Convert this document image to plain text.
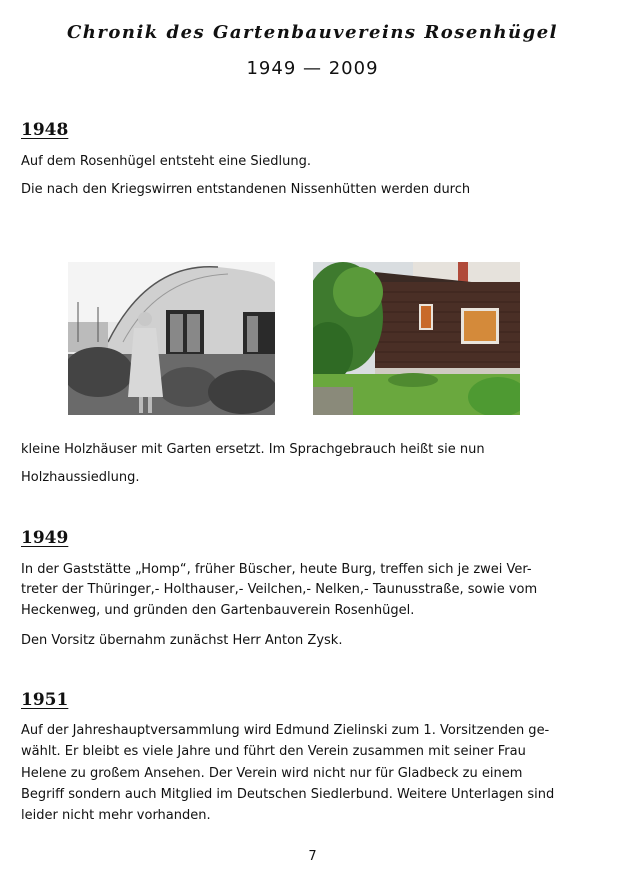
Chronik des Gartenbauvereins Rosenhügel
1949 — 2009
1948
Auf dem Rosenhügel entsteht eine Siedlung.
Die nach den Kriegswirren entstandenen Nissenhütten werden durch
kleine Holzhäuser mit Garten ersetzt. Im Sprachgebrauch heißt sie nun
Holzhaussiedlung.
1949
In der Gaststätte „Homp“, früher Büscher, heute Burg, treffen sich je zwei Ver-
treter der Thüringer,- Holthauser,- Veilchen,- Nelken,- Taunusstraße, sowie vom
Heckenweg, und gründen den Gartenbauverein Rosenhügel.
Den Vorsitz übernahm zunächst Herr Anton Zysk.
1951
Auf der Jahreshauptversammlung wird Edmund Zielinski zum 1. Vorsitzenden ge-
wählt. Er bleibt es viele Jahre und führt den Verein zusammen mit seiner Frau
Helene zu großem Ansehen. Der Verein wird nicht nur für Gladbeck zu einem
Begriff sondern auch Mitglied im Deutschen Siedlerbund. Weitere Unterlagen sind
leider nicht mehr vorhanden.
7
